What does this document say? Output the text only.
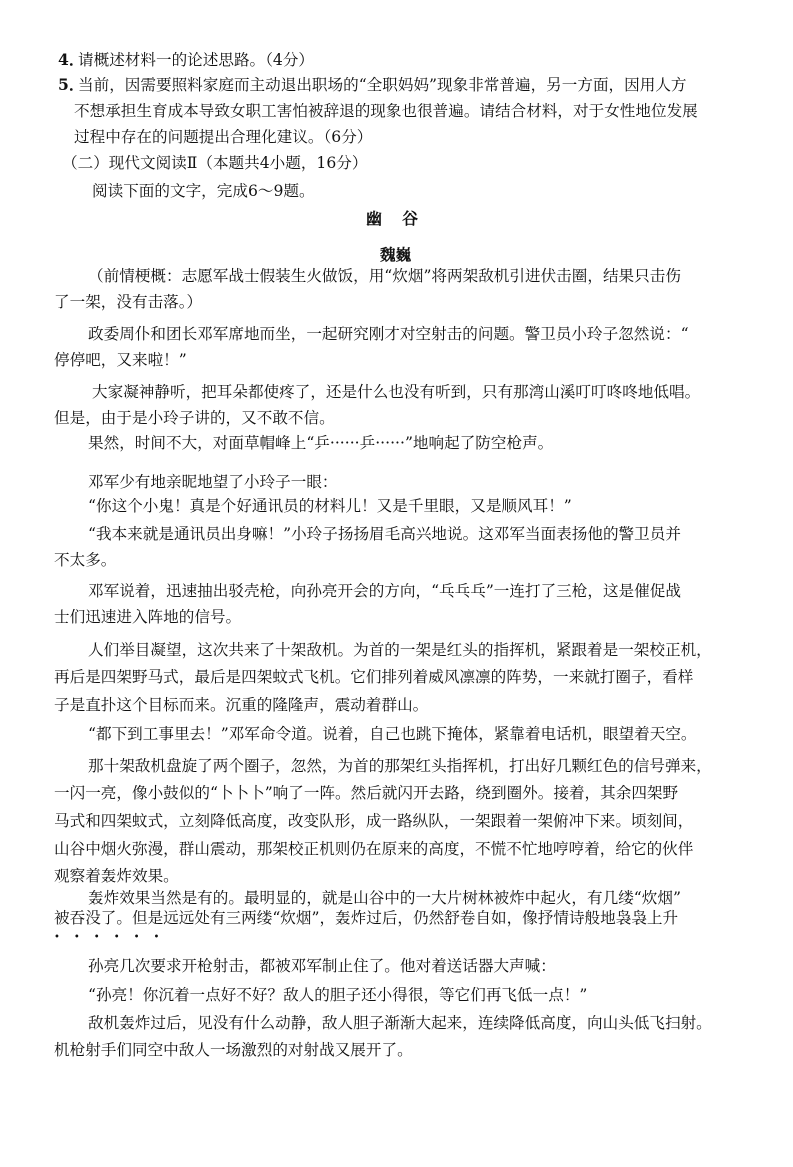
4．

请概述材料一的论述思路。（4分）

5．

当前，因需要照料家庭而主动退出职场的“全职妈妈”现象非常普遍，另一方面，因用人方

不想承担生育成本导致女职工害怕被辞退的现象也很普遍。请结合材料，对于女性地位发展

过程中存在的问题提出合理化建议。（6分）

（二）现代文阅读Ⅱ（本题共4小题，16分）

阅读下面的文字，完成6～9题。

幽　谷

魏巍

（前情梗概：志愿军战士假装生火做饭，用“炊烟”将两架敌机引进伏击圈，结果只击伤

了一架，没有击落。）

政委周仆和团长邓军席地而坐，一起研究刚才对空射击的问题。警卫员小玲子忽然说：“

停停吧，又来啦！”

大家凝神静听，把耳朵都使疼了，还是什么也没有听到，只有那湾山溪叮叮咚咚地低唱。

但是，由于是小玲子讲的，又不敢不信。

果然，时间不大，对面草帽峰上“乒······乒······”地响起了防空枪声。

邓军少有地亲昵地望了小玲子一眼：

“你这个小鬼！真是个好通讯员的材料儿！又是千里眼，又是顺风耳！”

“我本来就是通讯员出身嘛！”小玲子扬扬眉毛高兴地说。这邓军当面表扬他的警卫员并

不太多。

邓军说着，迅速抽出驳壳枪，向孙亮开会的方向，“乓乓乓”一连打了三枪，这是催促战

士们迅速进入阵地的信号。

人们举目凝望，这次共来了十架敌机。为首的一架是红头的指挥机，紧跟着是一架校正机，

再后是四架野马式，最后是四架蚊式飞机。它们排列着威风凛凛的阵势，一来就打圈子，看样

子是直扑这个目标而来。沉重的隆隆声，震动着群山。

“都下到工事里去！”邓军命令道。说着，自己也跳下掩体，紧靠着电话机，眼望着天空。

那十架敌机盘旋了两个圈子，忽然，为首的那架红头指挥机，打出好几颗红色的信号弹来，

一闪一亮，像小鼓似的“卜卜卜”响了一阵。然后就闪开去路，绕到圈外。接着，其余四架野

马式和四架蚊式，立刻降低高度，改变队形，成一路纵队，一架跟着一架俯冲下来。顷刻间，

山谷中烟火弥漫，群山震动，那架校正机则仍在原来的高度，不慌不忙地哼哼着，给它的伙伴

观察着轰炸效果。

轰炸效果当然是有的。最明显的，就是山谷中的一大片树林被炸中起火，有几缕“炊烟”

被吞没了。但是远远处有三两缕“炊烟”，轰炸过后，仍然舒卷自如，像抒情诗般地袅袅上升

••••••

孙亮几次要求开枪射击，都被邓军制止住了。他对着送话器大声喊：

“孙亮！你沉着一点好不好？敌人的胆子还小得很，等它们再飞低一点！”

敌机轰炸过后，见没有什么动静，敌人胆子渐渐大起来，连续降低高度，向山头低飞扫射。

机枪射手们同空中敌人一场激烈的对射战又展开了。
